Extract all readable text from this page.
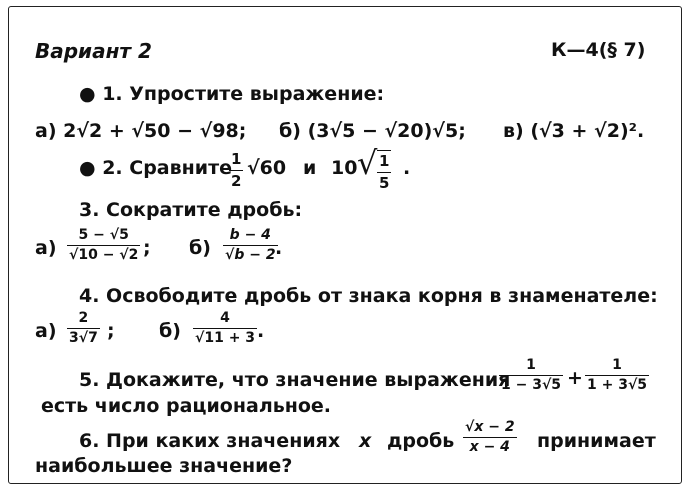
Вариант 2	К—4(§ 7)
● 1. Упростите выражение:
а) 2√2 + √50 − √98; б) (3√5 − √20)√5; в) (√3 + √2)².
● 2. Сравните 1
2
√60 и 10 √ 1
5
.
3. Сократите дробь:
а)
5 − √5
√10 − √2 ; б)
b − 4
√b − 2 .
4. Освободите дробь от знака корня в знаменателе:
а)
2
3√7 ; б)
4
√11 + 3 .
5. Докажите, что значение выражения
1
1 − 3√5 +
1
1 + 3√5
есть число рациональное.
6. При каких значениях x дробь
√x − 2
x − 4 принимает
наибольшее значение?
